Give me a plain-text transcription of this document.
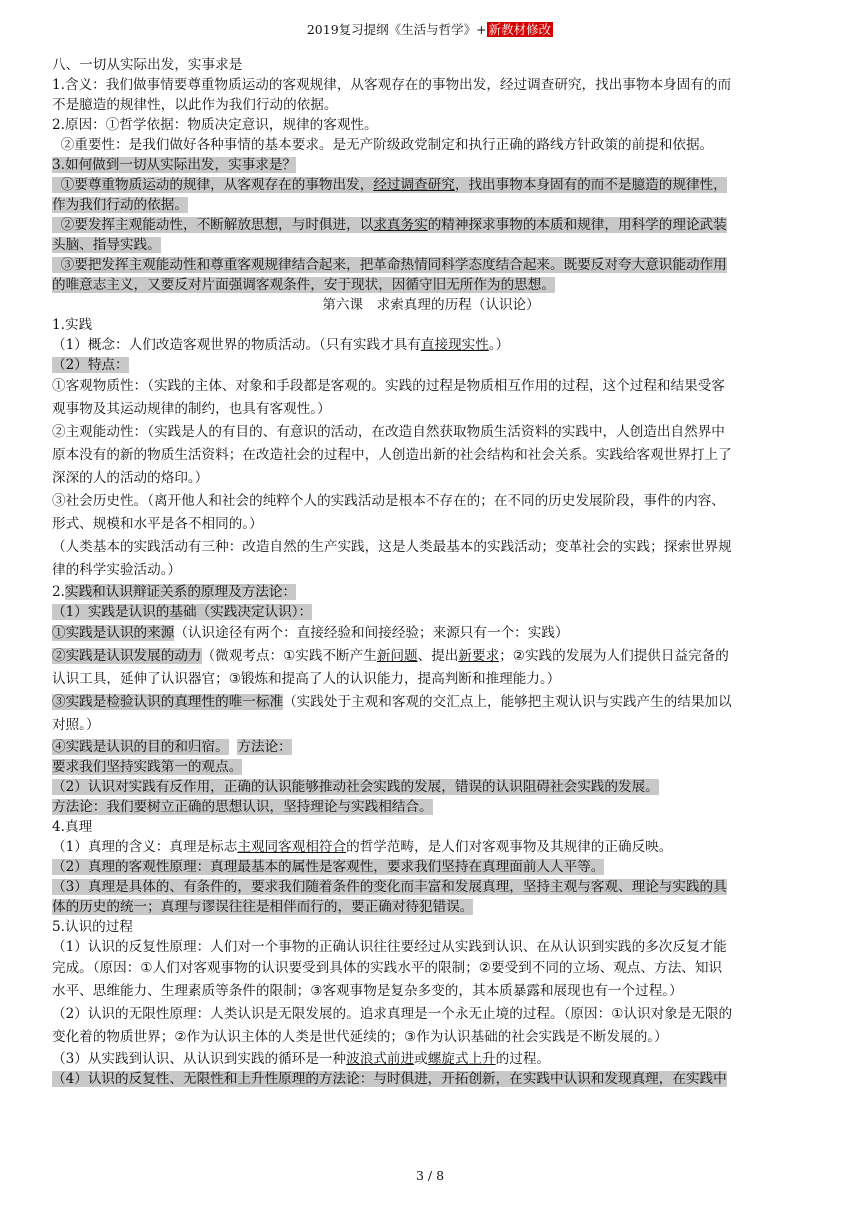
2019复习提纲《生活与哲学》+ 新教材修改

八、一切从实际出发，实事求是

1.含义：我们做事情要尊重物质运动的客观规律，从客观存在的事物出发，经过调查研究，找出事物本身固有的而

不是臆造的规律性，以此作为我们行动的依据。

2.原因：①哲学依据：物质决定意识，规律的客观性。

②重要性：是我们做好各种事情的基本要求。是无产阶级政党制定和执行正确的路线方针政策的前提和依据。

3.如何做到一切从实际出发，实事求是？

①要尊重物质运动的规律，从客观存在的事物出发，经过调查研究，找出事物本身固有的而不是臆造的规律性，

作为我们行动的依据。

②要发挥主观能动性，不断解放思想，与时俱进，以求真务实的精神探求事物的本质和规律，用科学的理论武装

头脑、指导实践。

③要把发挥主观能动性和尊重客观规律结合起来，把革命热情同科学态度结合起来。既要反对夸大意识能动作用

的唯意志主义，又要反对片面强调客观条件，安于现状，因循守旧无所作为的思想。

第六课　求索真理的历程（认识论）

1.实践

（1）概念：人们改造客观世界的物质活动。（只有实践才具有直接现实性。）

（2）特点：

①客观物质性：（实践的主体、对象和手段都是客观的。实践的过程是物质相互作用的过程，这个过程和结果受客

观事物及其运动规律的制约，也具有客观性。）

②主观能动性：（实践是人的有目的、有意识的活动，在改造自然获取物质生活资料的实践中，人创造出自然界中

原本没有的新的物质生活资料；在改造社会的过程中，人创造出新的社会结构和社会关系。实践给客观世界打上了

深深的人的活动的烙印。）

③社会历史性。（离开他人和社会的纯粹个人的实践活动是根本不存在的；在不同的历史发展阶段，事件的内容、

形式、规模和水平是各不相同的。）

（人类基本的实践活动有三种：改造自然的生产实践，这是人类最基本的实践活动；变革社会的实践；探索世界规

律的科学实验活动。）

2.实践和认识辩证关系的原理及方法论：

（1）实践是认识的基础（实践决定认识）：

①实践是认识的来源（认识途径有两个：直接经验和间接经验；来源只有一个：实践）

②实践是认识发展的动力（微观考点：①实践不断产生新问题、提出新要求；②实践的发展为人们提供日益完备的

认识工具，延伸了认识器官；③锻炼和提高了人的认识能力，提高判断和推理能力。）

③实践是检验认识的真理性的唯一标准（实践处于主观和客观的交汇点上，能够把主观认识与实践产生的结果加以

对照。）

④实践是认识的目的和归宿。 方法论：

要求我们坚持实践第一的观点。

（2）认识对实践有反作用，正确的认识能够推动社会实践的发展，错误的认识阻碍社会实践的发展。

方法论：我们要树立正确的思想认识，坚持理论与实践相结合。

4.真理

（1）真理的含义：真理是标志主观同客观相符合的哲学范畴，是人们对客观事物及其规律的正确反映。

（2）真理的客观性原理：真理最基本的属性是客观性，要求我们坚持在真理面前人人平等。

（3）真理是具体的、有条件的，要求我们随着条件的变化而丰富和发展真理，坚持主观与客观、理论与实践的具

体的历史的统一；真理与谬误往往是相伴而行的，要正确对待犯错误。

5.认识的过程

（1）认识的反复性原理：人们对一个事物的正确认识往往要经过从实践到认识、在从认识到实践的多次反复才能

完成。（原因：①人们对客观事物的认识要受到具体的实践水平的限制；②要受到不同的立场、观点、方法、知识

水平、思维能力、生理素质等条件的限制；③客观事物是复杂多变的，其本质暴露和展现也有一个过程。）

（2）认识的无限性原理：人类认识是无限发展的。追求真理是一个永无止境的过程。（原因：①认识对象是无限的

变化着的物质世界；②作为认识主体的人类是世代延续的；③作为认识基础的社会实践是不断发展的。）

（3）从实践到认识、从认识到实践的循环是一种波浪式前进或螺旋式上升的过程。

（4）认识的反复性、无限性和上升性原理的方法论：与时俱进，开拓创新，在实践中认识和发现真理，在实践中

3 / 8
